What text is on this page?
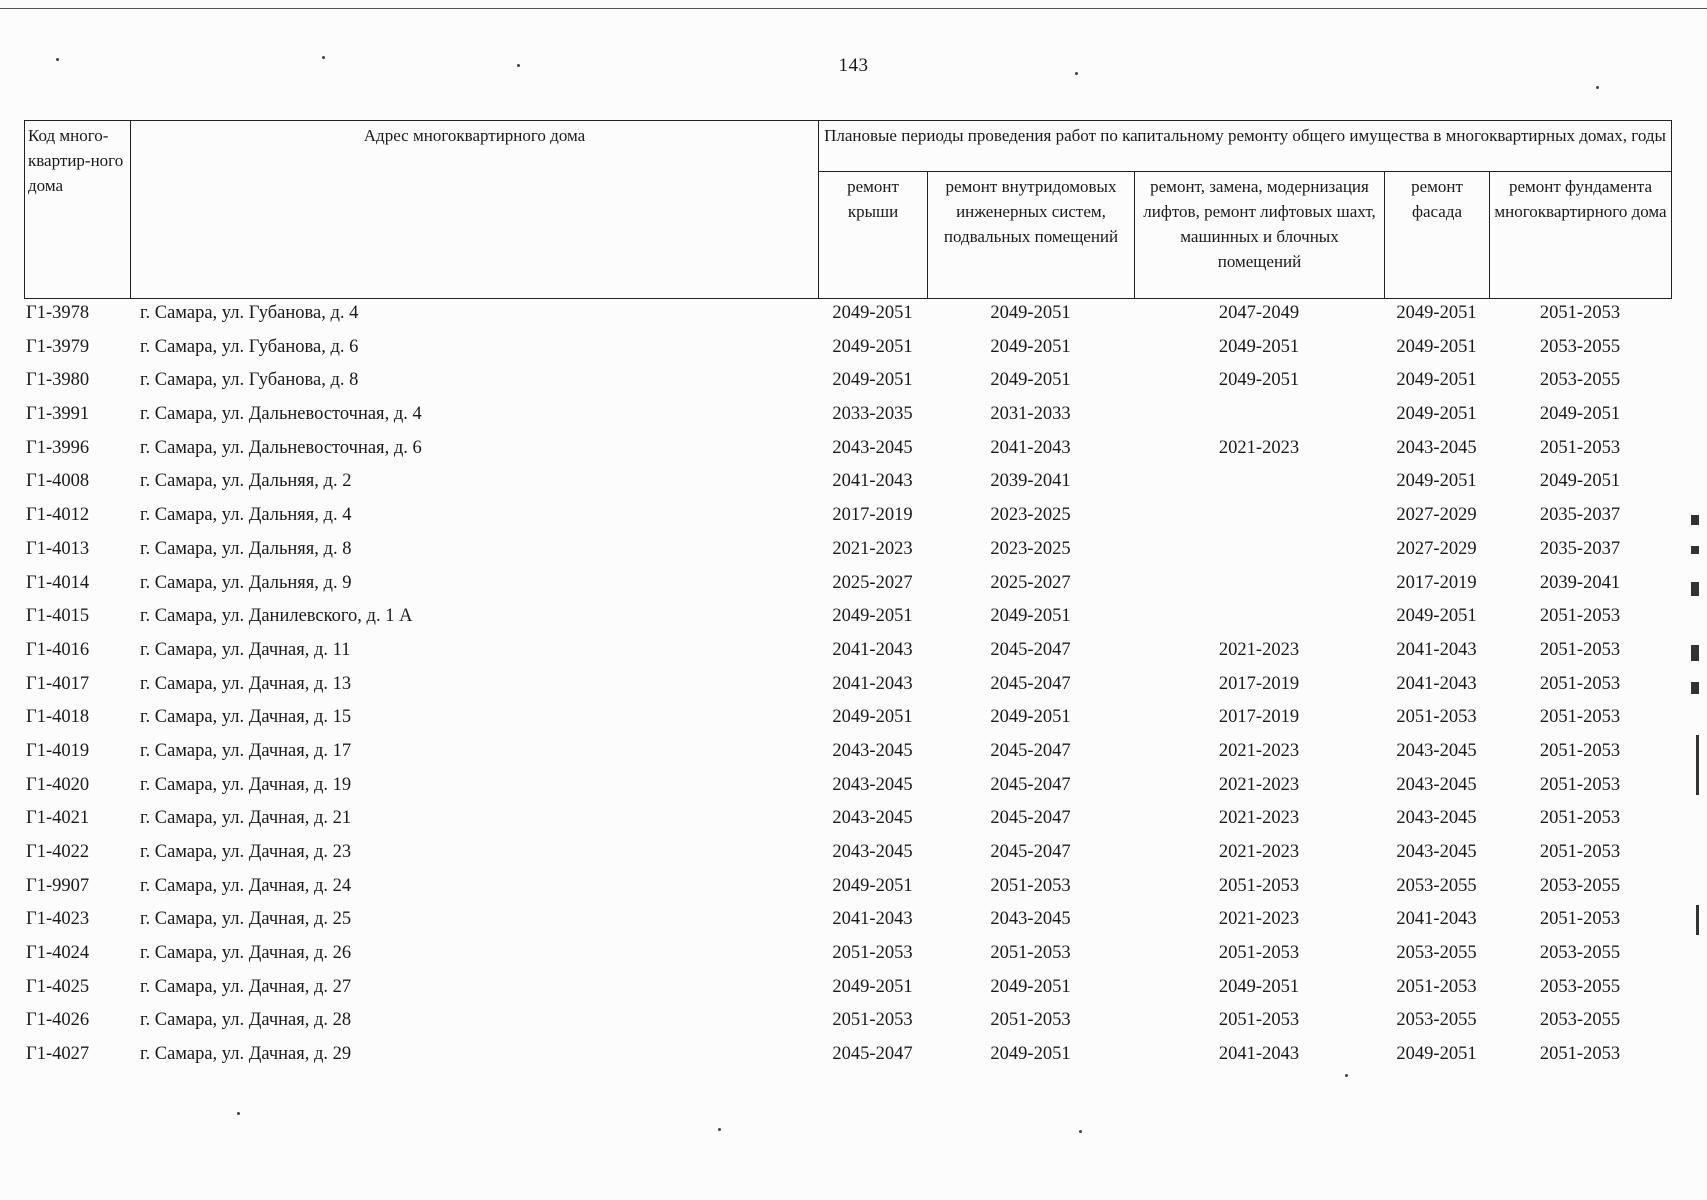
143
Код много-квартир-ного дома	Адрес многоквартирного дома	Плановые периоды проведения работ по капитальному ремонту общего имущества в многоквартирных домах, годы				
		ремонт крыши	ремонт внутридомовых инженерных систем, подвальных помещений	ремонт, замена, модернизация лифтов, ремонт лифтовых шахт, машинных и блочных помещений	ремонт фасада	ремонт фундамента многоквартирного дома
Г1-3978	г. Самара, ул. Губанова, д. 4	2049-2051	2049-2051	2047-2049	2049-2051	2051-2053
Г1-3979	г. Самара, ул. Губанова, д. 6	2049-2051	2049-2051	2049-2051	2049-2051	2053-2055
Г1-3980	г. Самара, ул. Губанова, д. 8	2049-2051	2049-2051	2049-2051	2049-2051	2053-2055
Г1-3991	г. Самара, ул. Дальневосточная, д. 4	2033-2035	2031-2033		2049-2051	2049-2051
Г1-3996	г. Самара, ул. Дальневосточная, д. 6	2043-2045	2041-2043	2021-2023	2043-2045	2051-2053
Г1-4008	г. Самара, ул. Дальняя, д. 2	2041-2043	2039-2041		2049-2051	2049-2051
Г1-4012	г. Самара, ул. Дальняя, д. 4	2017-2019	2023-2025		2027-2029	2035-2037
Г1-4013	г. Самара, ул. Дальняя, д. 8	2021-2023	2023-2025		2027-2029	2035-2037
Г1-4014	г. Самара, ул. Дальняя, д. 9	2025-2027	2025-2027		2017-2019	2039-2041
Г1-4015	г. Самара, ул. Данилевского, д. 1 А	2049-2051	2049-2051		2049-2051	2051-2053
Г1-4016	г. Самара, ул. Дачная, д. 11	2041-2043	2045-2047	2021-2023	2041-2043	2051-2053
Г1-4017	г. Самара, ул. Дачная, д. 13	2041-2043	2045-2047	2017-2019	2041-2043	2051-2053
Г1-4018	г. Самара, ул. Дачная, д. 15	2049-2051	2049-2051	2017-2019	2051-2053	2051-2053
Г1-4019	г. Самара, ул. Дачная, д. 17	2043-2045	2045-2047	2021-2023	2043-2045	2051-2053
Г1-4020	г. Самара, ул. Дачная, д. 19	2043-2045	2045-2047	2021-2023	2043-2045	2051-2053
Г1-4021	г. Самара, ул. Дачная, д. 21	2043-2045	2045-2047	2021-2023	2043-2045	2051-2053
Г1-4022	г. Самара, ул. Дачная, д. 23	2043-2045	2045-2047	2021-2023	2043-2045	2051-2053
Г1-9907	г. Самара, ул. Дачная, д. 24	2049-2051	2051-2053	2051-2053	2053-2055	2053-2055
Г1-4023	г. Самара, ул. Дачная, д. 25	2041-2043	2043-2045	2021-2023	2041-2043	2051-2053
Г1-4024	г. Самара, ул. Дачная, д. 26	2051-2053	2051-2053	2051-2053	2053-2055	2053-2055
Г1-4025	г. Самара, ул. Дачная, д. 27	2049-2051	2049-2051	2049-2051	2051-2053	2053-2055
Г1-4026	г. Самара, ул. Дачная, д. 28	2051-2053	2051-2053	2051-2053	2053-2055	2053-2055
Г1-4027	г. Самара, ул. Дачная, д. 29	2045-2047	2049-2051	2041-2043	2049-2051	2051-2053
